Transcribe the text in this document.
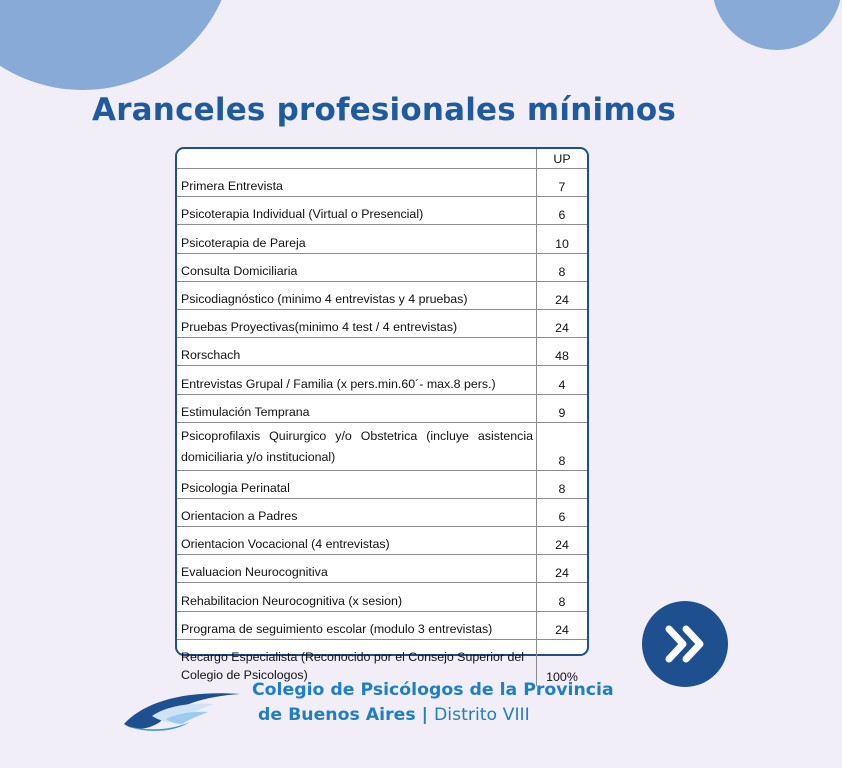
Aranceles profesionales mínimos
	UP
Primera Entrevista	7
Psicoterapia Individual (Virtual o Presencial)	6
Psicoterapia de Pareja	10
Consulta Domiciliaria	8
Psicodiagnóstico (minimo 4 entrevistas y 4 pruebas)	24
Pruebas Proyectivas(minimo 4 test / 4 entrevistas)	24
Rorschach	48
Entrevistas Grupal / Familia (x pers.min.60´- max.8 pers.)	4
Estimulación Temprana	9
Psicoprofilaxis Quirurgico y/o Obstetrica (incluye asistencia domiciliaria y/o institucional)	8
Psicologia Perinatal	8
Orientacion a Padres	6
Orientacion Vocacional (4 entrevistas)	24
Evaluacion Neurocognitiva	24
Rehabilitacion Neurocognitiva (x sesion)	8
Programa de seguimiento escolar (modulo 3 entrevistas)	24
Recargo Especialista (Reconocido por el Consejo Superior del Colegio de Psicologos)	100%

Colegio de Psicólogos de la Provincia
de Buenos Aires | Distrito VIII
